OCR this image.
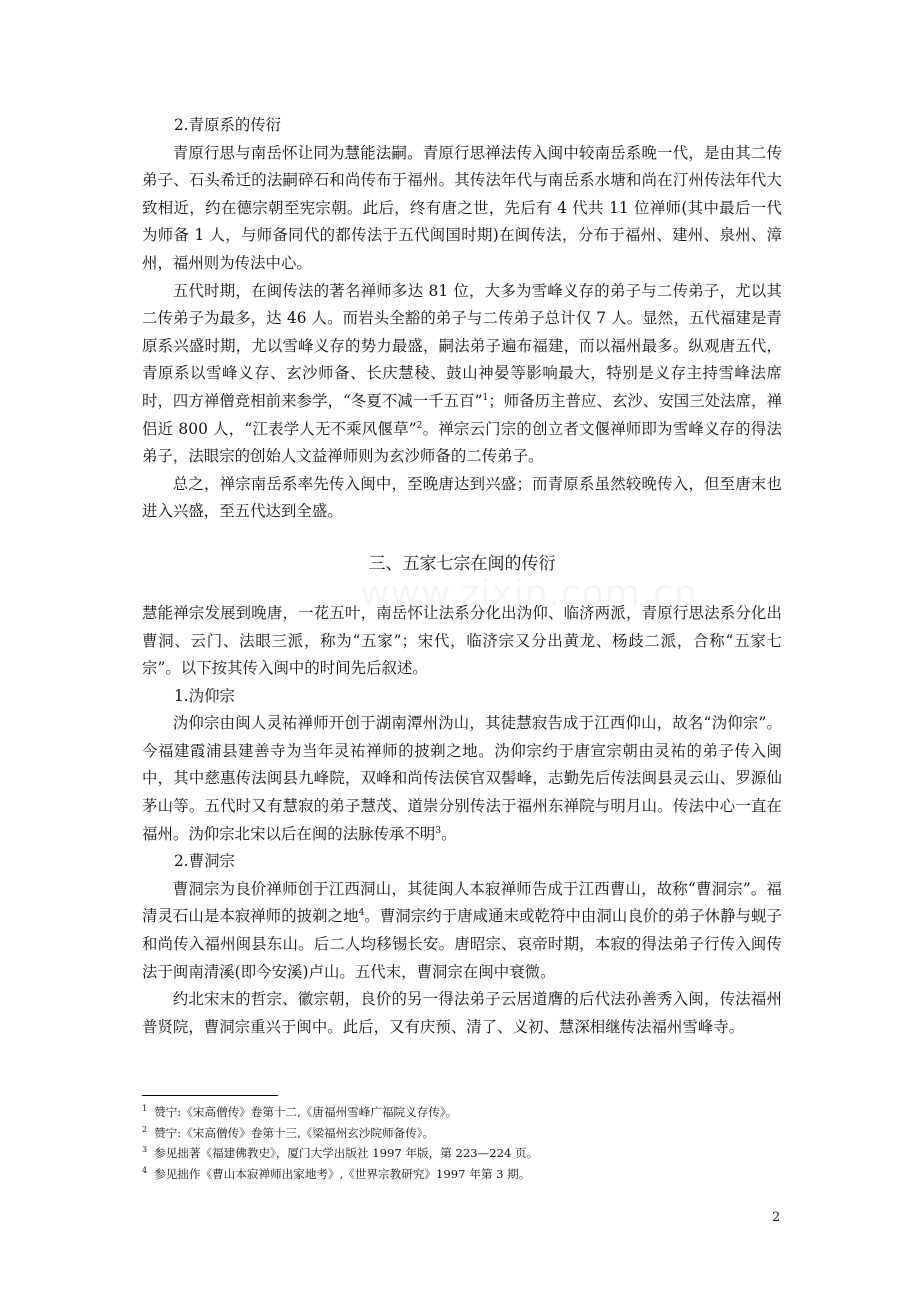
www.zixin.com.cn

2.青原系的传衍

青原行思与南岳怀让同为慧能法嗣。青原行思禅法传入闽中较南岳系晚一代，是由其二传弟子、石头希迁的法嗣碎石和尚传布于福州。其传法年代与南岳系水塘和尚在汀州传法年代大致相近，约在德宗朝至宪宗朝。此后，终有唐之世，先后有 4 代共 11 位禅师(其中最后一代为师备 1 人，与师备同代的都传法于五代闽国时期)在闽传法，分布于福州、建州、泉州、漳州，福州则为传法中心。

五代时期，在闽传法的著名禅师多达 81 位，大多为雪峰义存的弟子与二传弟子，尤以其二传弟子为最多，达 46 人。而岩头全豁的弟子与二传弟子总计仅 7 人。显然，五代福建是青原系兴盛时期，尤以雪峰义存的势力最盛，嗣法弟子遍布福建，而以福州最多。纵观唐五代，青原系以雪峰义存、玄沙师备、长庆慧稜、鼓山神晏等影响最大，特别是义存主持雪峰法席时，四方禅僧竞相前来参学，“冬夏不减一千五百”$^1$；师备历主普应、玄沙、安国三处法席，禅侣近 800 人，“江表学人无不乘风偃草”$^2$。禅宗云门宗的创立者文偃禅师即为雪峰义存的得法弟子，法眼宗的创始人文益禅师则为玄沙师备的二传弟子。

总之，禅宗南岳系率先传入闽中，至晚唐达到兴盛；而青原系虽然较晚传入，但至唐末也进入兴盛，至五代达到全盛。

三、五家七宗在闽的传衍

慧能禅宗发展到晚唐，一花五叶，南岳怀让法系分化出沩仰、临济两派，青原行思法系分化出曹洞、云门、法眼三派，称为“五家”；宋代，临济宗又分出黄龙、杨歧二派，合称“五家七宗”。以下按其传入闽中的时间先后叙述。

1.沩仰宗

沩仰宗由闽人灵祐禅师开创于湖南潭州沩山，其徒慧寂告成于江西仰山，故名“沩仰宗”。今福建霞浦县建善寺为当年灵祐禅师的披剃之地。沩仰宗约于唐宣宗朝由灵祐的弟子传入闽中，其中慈惠传法闽县九峰院，双峰和尚传法侯官双髻峰，志勤先后传法闽县灵云山、罗源仙茅山等。五代时又有慧寂的弟子慧茂、道崇分别传法于福州东禅院与明月山。传法中心一直在福州。沩仰宗北宋以后在闽的法脉传承不明$^3$。

2.曹洞宗

曹洞宗为良价禅师创于江西洞山，其徒闽人本寂禅师告成于江西曹山，故称“曹洞宗”。福清灵石山是本寂禅师的披剃之地$^4$。曹洞宗约于唐咸通末或乾符中由洞山良价的弟子休静与蚬子和尚传入福州闽县东山。后二人均移锡长安。唐昭宗、哀帝时期，本寂的得法弟子行传入闽传法于闽南清溪(即今安溪)卢山。五代末，曹洞宗在闽中衰微。

约北宋末的哲宗、徽宗朝，良价的另一得法弟子云居道膺的后代法孙善秀入闽，传法福州普贤院，曹洞宗重兴于闽中。此后，又有庆预、清了、义初、慧深相继传法福州雪峰寺。

$^1$ 赞宁:《宋高僧传》卷第十二,《唐福州雪峰广福院义存传》。

$^2$ 赞宁:《宋高僧传》卷第十三,《梁福州玄沙院师备传》。

$^3$ 参见拙著《福建佛教史》，厦门大学出版社 1997 年版，第 223—224 页。

$^4$ 参见拙作《曹山本寂禅师出家地考》,《世界宗教研究》1997 年第 3 期。

2
